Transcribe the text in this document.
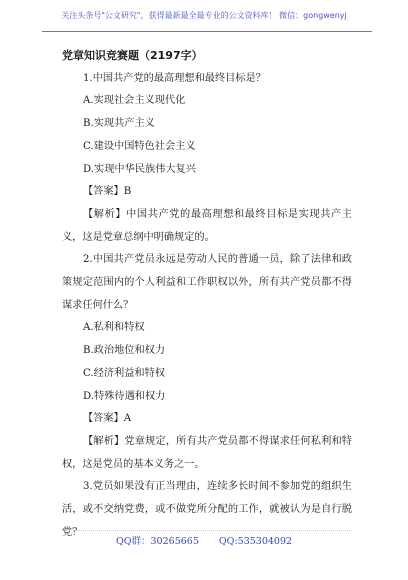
关注头条号"公文研究"，获得最新最全最专业的公文资料库！ 微信：gongwenyj

党章知识竞赛题（2197字）

1.中国共产党的最高理想和最终目标是？

A.实现社会主义现代化

B.实现共产主义

C.建设中国特色社会主义

D.实现中华民族伟大复兴

【答案】B

【解析】中国共产党的最高理想和最终目标是实现共产主义，这是党章总纲中明确规定的。

2.中国共产党员永远是劳动人民的普通一员，除了法律和政策规定范围内的个人利益和工作职权以外，所有共产党员都不得谋求任何什么？

A.私利和特权

B.政治地位和权力

C.经济利益和特权

D.特殊待遇和权力

【答案】A

【解析】党章规定，所有共产党员都不得谋求任何私利和特权，这是党员的基本义务之一。

3.党员如果没有正当理由，连续多长时间不参加党的组织生活，或不交纳党费，或不做党所分配的工作，就被认为是自行脱党？

QQ群：30265665 QQ:535304092
